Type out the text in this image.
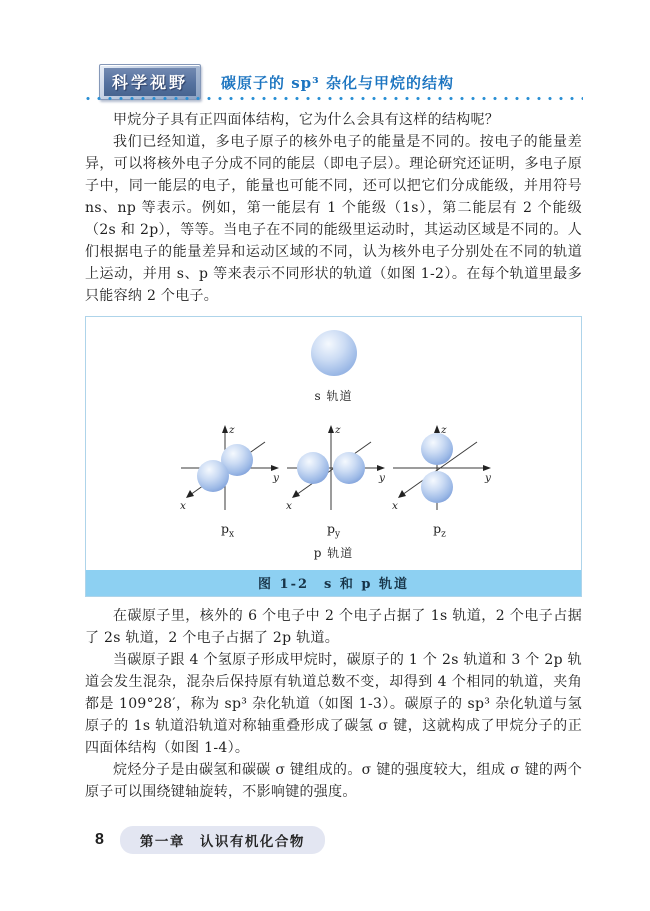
科学视野	碳原子的 sp³ 杂化与甲烷的结构

甲烷分子具有正四面体结构，它为什么会具有这样的结构呢？

我们已经知道，多电子原子的核外电子的能量是不同的。按电子的能量差异，可以将核外电子分成不同的能层（即电子层）。理论研究还证明，多电子原子中，同一能层的电子，能量也可能不同，还可以把它们分成能级，并用符号 ns、np 等表示。例如，第一能层有 1 个能级（1s），第二能层有 2 个能级（2s 和 2p），等等。当电子在不同的能级里运动时，其运动区域是不同的。人们根据电子的能量差异和运动区域的不同，认为核外电子分别处在不同的轨道上运动，并用 s、p 等来表示不同形状的轨道（如图 1-2）。在每个轨道里最多只能容纳 2 个电子。

s 轨道
z
y
x
$p_x$
z
y
x
$p_y$
z
y
x
$p_z$
p 轨道
图 1-2　s 和 p 轨道

在碳原子里，核外的 6 个电子中 2 个电子占据了 1s 轨道，2 个电子占据了 2s 轨道，2 个电子占据了 2p 轨道。

当碳原子跟 4 个氢原子形成甲烷时，碳原子的 1 个 2s 轨道和 3 个 2p 轨道会发生混杂，混杂后保持原有轨道总数不变，却得到 4 个相同的轨道，夹角都是 109°28′，称为 sp³ 杂化轨道（如图 1-3）。碳原子的 sp³ 杂化轨道与氢原子的 1s 轨道沿轨道对称轴重叠形成了碳氢 σ 键，这就构成了甲烷分子的正四面体结构（如图 1-4）。

烷烃分子是由碳氢和碳碳 σ 键组成的。σ 键的强度较大，组成 σ 键的两个原子可以围绕键轴旋转，不影响键的强度。

8	第一章　认识有机化合物
